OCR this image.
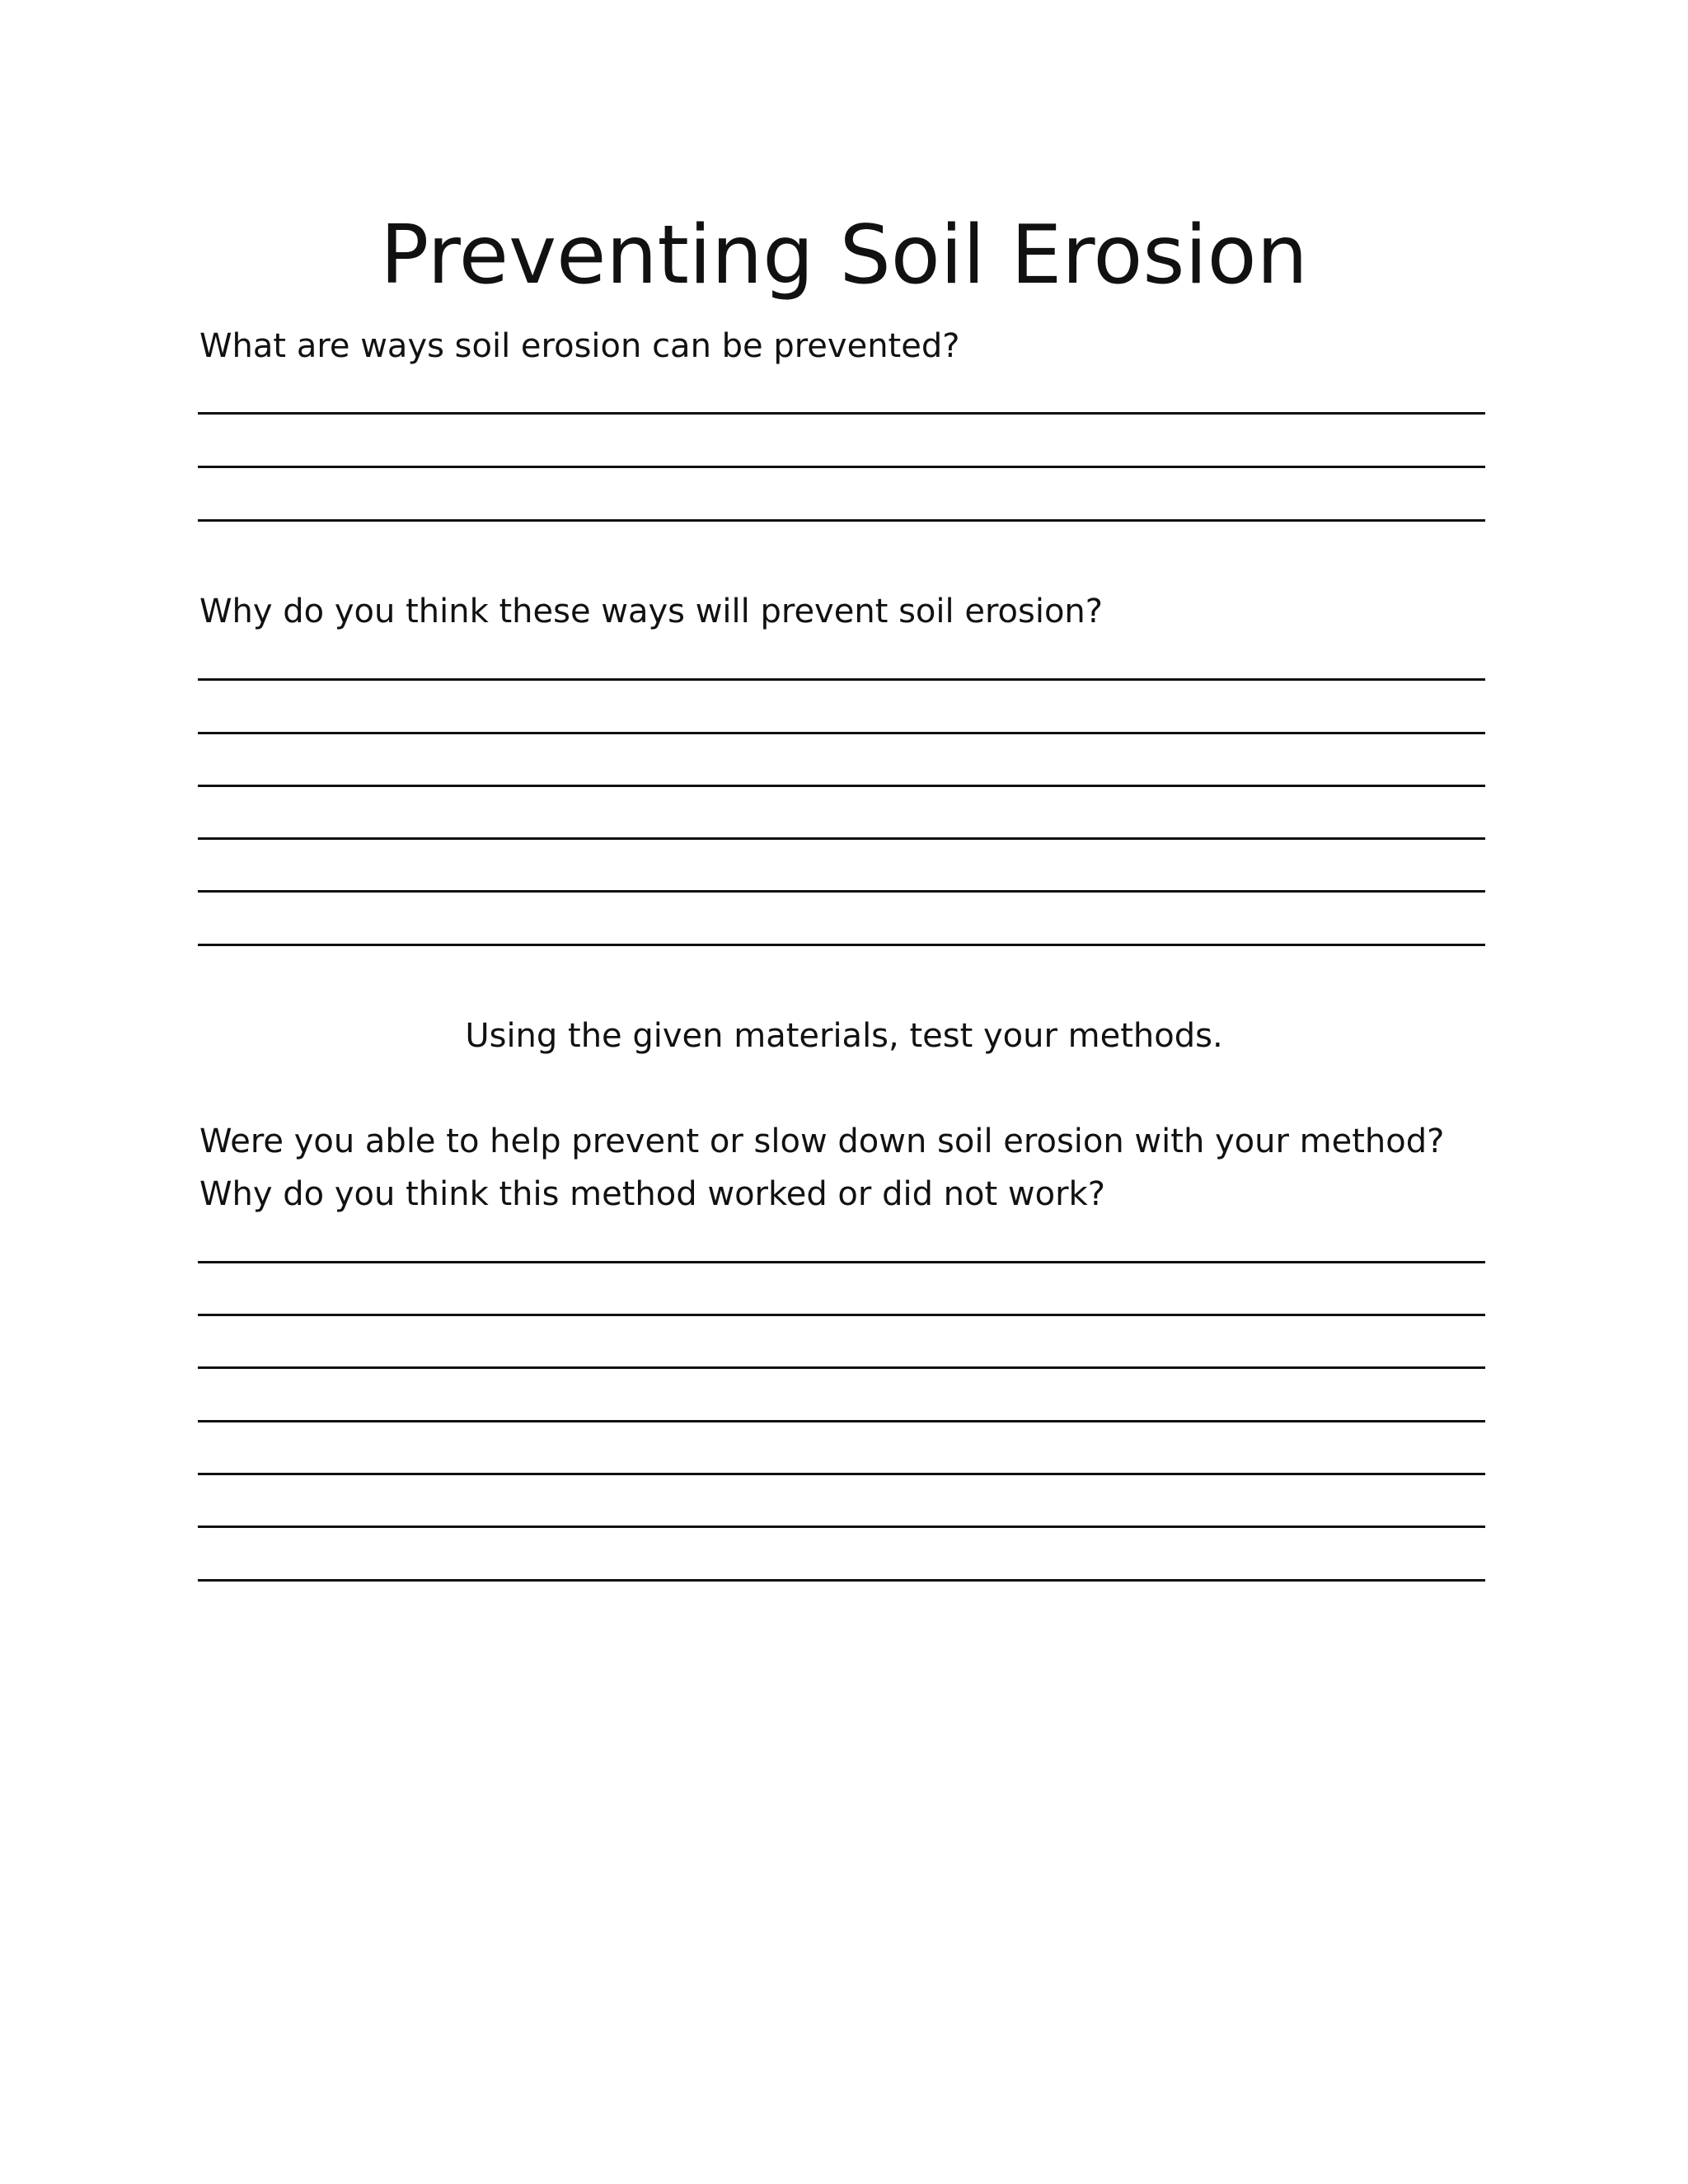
Preventing Soil Erosion

What are ways soil erosion can be prevented?

Why do you think these ways will prevent soil erosion?

Using the given materials, test your methods.

Were you able to help prevent or slow down soil erosion with your method? Why do you think this method worked or did not work?
